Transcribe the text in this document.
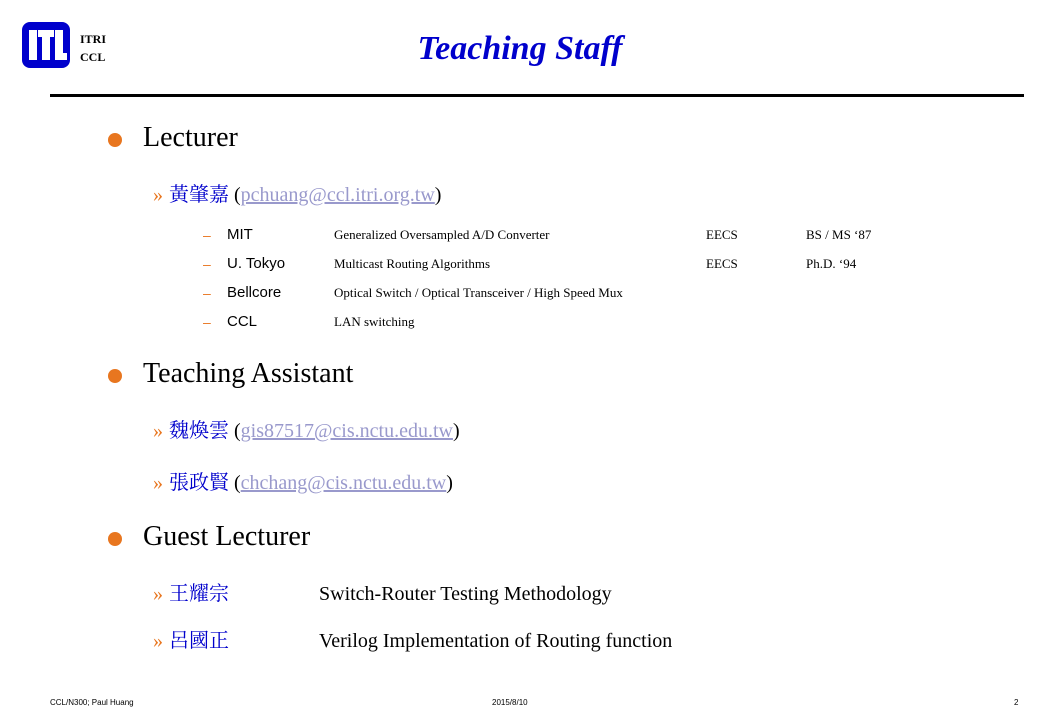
ITRI
CCL	Teaching Staff
Lecturer
» 黃肇嘉 (pchuang@ccl.itri.org.tw)
– MIT	Generalized Oversampled A/D Converter	EECS	BS / MS ‘87
– U. Tokyo	Multicast Routing Algorithms	EECS	Ph.D. ‘94
– Bellcore	Optical Switch / Optical Transceiver / High Speed Mux
– CCL	LAN switching
Teaching Assistant
» 魏煥雲 (gis87517@cis.nctu.edu.tw)
» 張政賢 (chchang@cis.nctu.edu.tw)
Guest Lecturer
» 王耀宗	Switch-Router Testing Methodology
» 呂國正	Verilog Implementation of Routing function
CCL/N300; Paul Huang	2015/8/10	2
